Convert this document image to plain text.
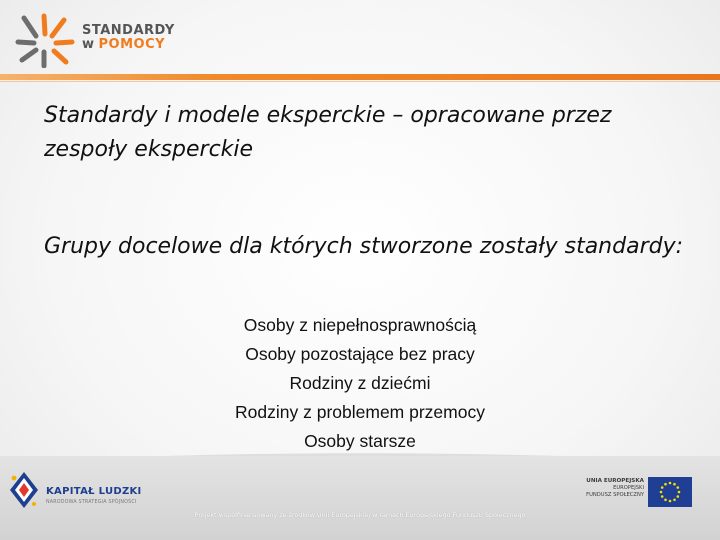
STANDARDY
w POMOCY

Standardy i modele eksperckie – opracowane przez zespoły eksperckie

Grupy docelowe dla których stworzone zostały standardy:

Osoby z niepełnosprawnością
Osoby pozostające bez pracy
Rodziny z dziećmi
Rodziny z problemem przemocy
Osoby starsze
KAPITAŁ LUDZKI
NARODOWA STRATEGIA SPÓJNOŚCI
UNIA EUROPEJSKA
EUROPEJSKI
FUNDUSZ SPOŁECZNY
Projekt współfinansowany ze środków Unii Europejskiej w ramach Europejskiego Funduszu Społecznego
